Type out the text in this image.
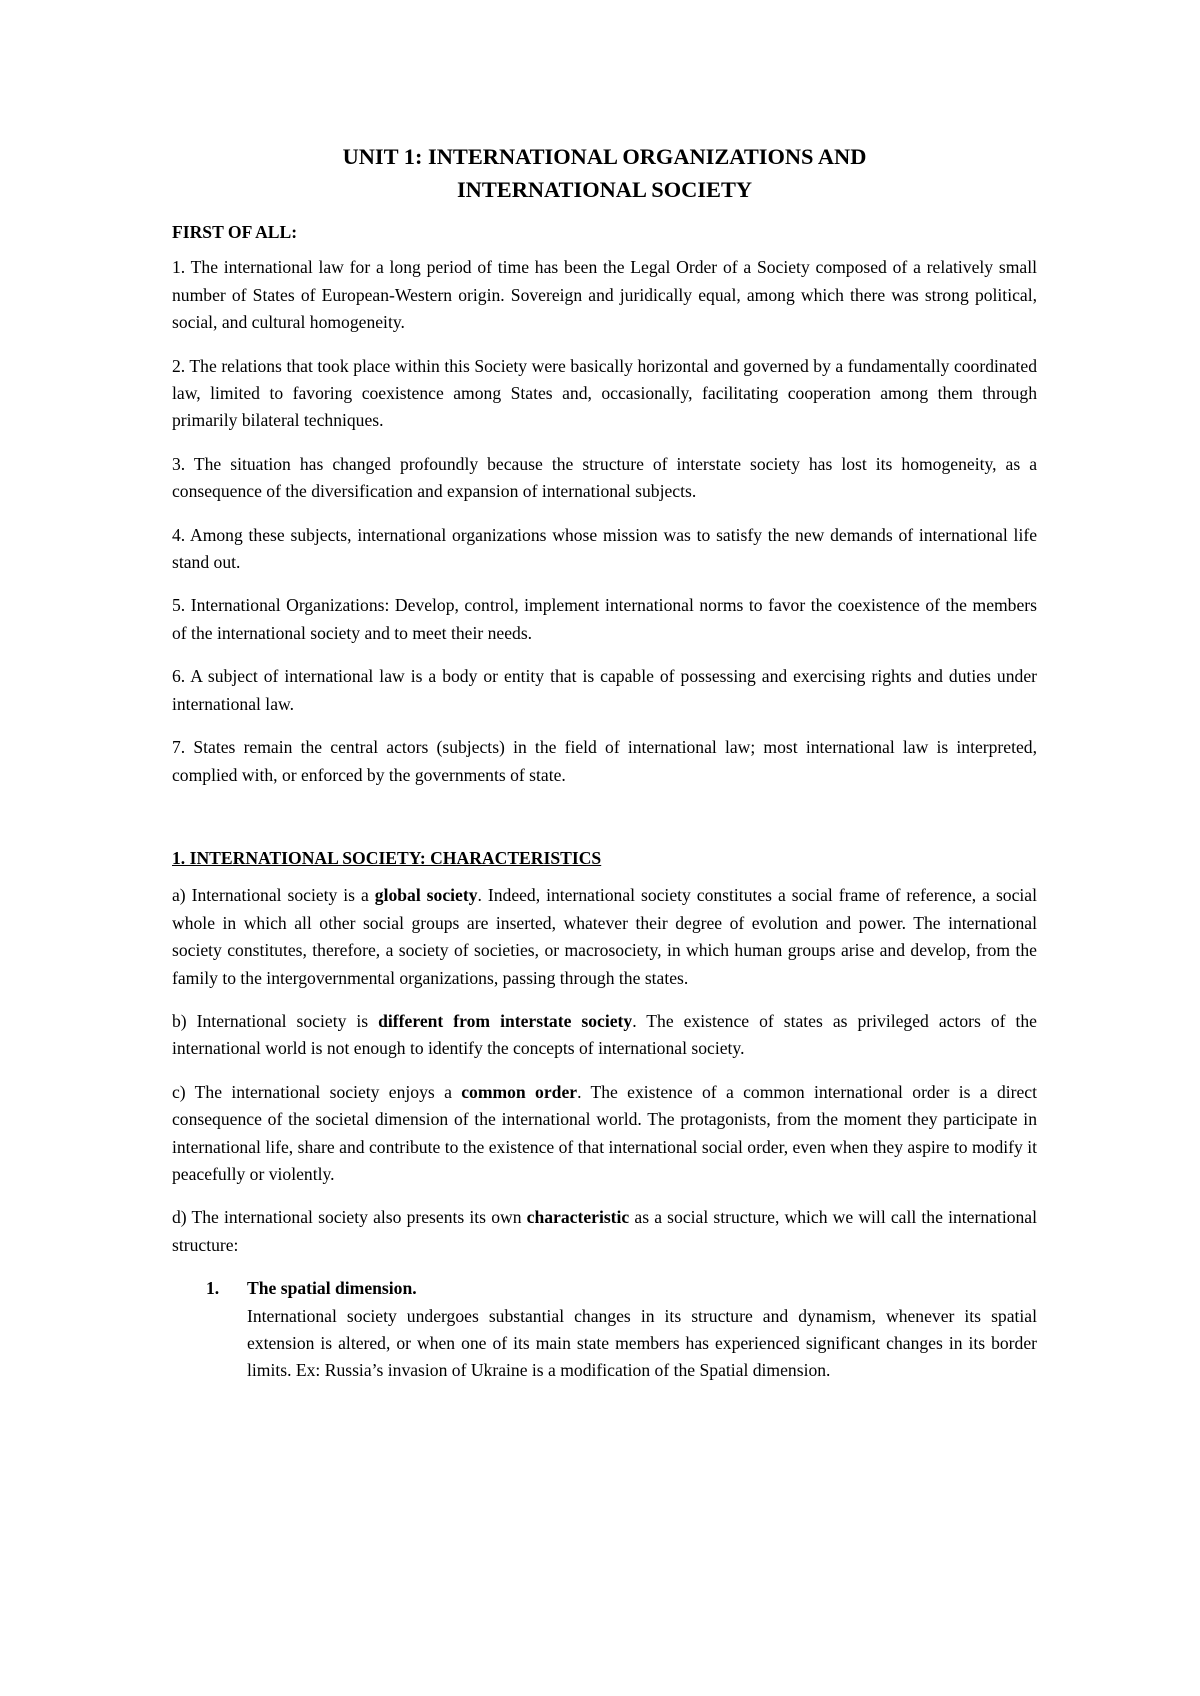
UNIT 1: INTERNATIONAL ORGANIZATIONS AND
INTERNATIONAL SOCIETY
FIRST OF ALL:

1. The international law for a long period of time has been the Legal Order of a Society composed of a relatively small number of States of European-Western origin. Sovereign and juridically equal, among which there was strong political, social, and cultural homogeneity.

2. The relations that took place within this Society were basically horizontal and governed by a fundamentally coordinated law, limited to favoring coexistence among States and, occasionally, facilitating cooperation among them through primarily bilateral techniques.

3. The situation has changed profoundly because the structure of interstate society has lost its homogeneity, as a consequence of the diversification and expansion of international subjects.

4. Among these subjects, international organizations whose mission was to satisfy the new demands of international life stand out.

5. International Organizations: Develop, control, implement international norms to favor the coexistence of the members of the international society and to meet their needs.

6. A subject of international law is a body or entity that is capable of possessing and exercising rights and duties under international law.

7. States remain the central actors (subjects) in the field of international law; most international law is interpreted, complied with, or enforced by the governments of state.

1. INTERNATIONAL SOCIETY: CHARACTERISTICS

a) International society is a global society. Indeed, international society constitutes a social frame of reference, a social whole in which all other social groups are inserted, whatever their degree of evolution and power. The international society constitutes, therefore, a society of societies, or macrosociety, in which human groups arise and develop, from the family to the intergovernmental organizations, passing through the states.

b) International society is different from interstate society. The existence of states as privileged actors of the international world is not enough to identify the concepts of international society.

c) The international society enjoys a common order. The existence of a common international order is a direct consequence of the societal dimension of the international world. The protagonists, from the moment they participate in international life, share and contribute to the existence of that international social order, even when they aspire to modify it peacefully or violently.

d) The international society also presents its own characteristic as a social structure, which we will call the international structure:

1. The spatial dimension.
International society undergoes substantial changes in its structure and dynamism, whenever its spatial extension is altered, or when one of its main state members has experienced significant changes in its border limits. Ex: Russia’s invasion of Ukraine is a modification of the Spatial dimension.
